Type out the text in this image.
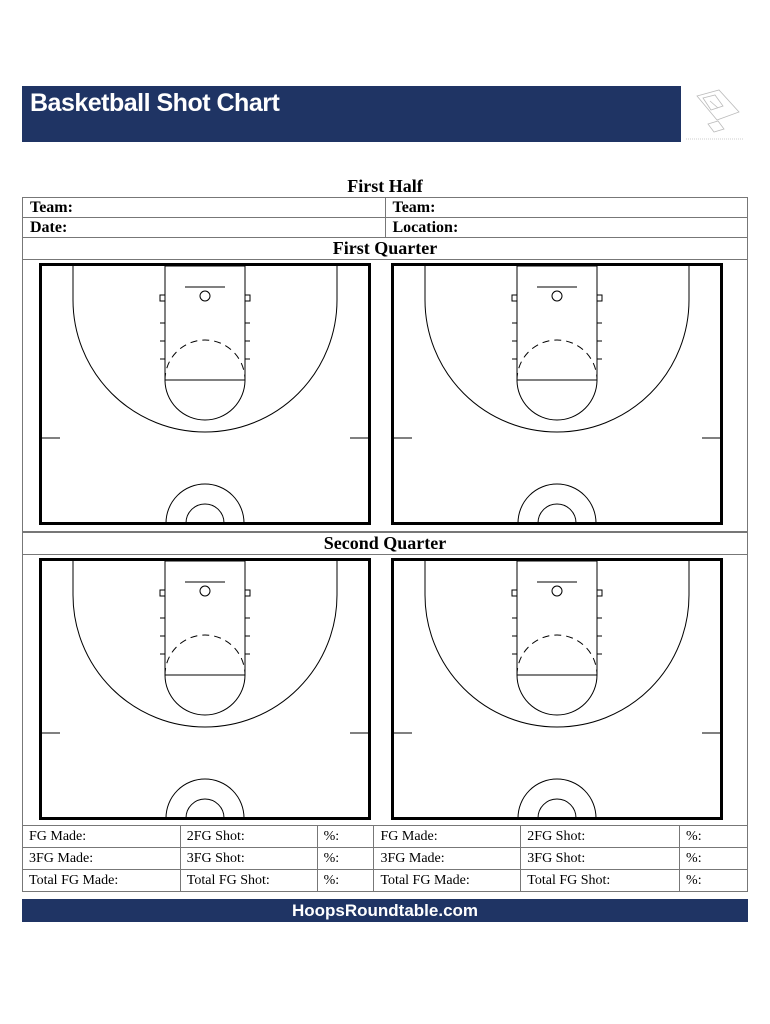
Basketball Shot Chart
First Half
Team:	Team:
Date:	Location:
First Quarter
Second Quarter
FG Made:	2FG Shot:	%:	FG Made:	2FG Shot:	%:
3FG Made:	3FG Shot:	%:	3FG Made:	3FG Shot:	%:
Total FG Made:	Total FG Shot:	%:	Total FG Made:	Total FG Shot:	%:
HoopsRoundtable.com
